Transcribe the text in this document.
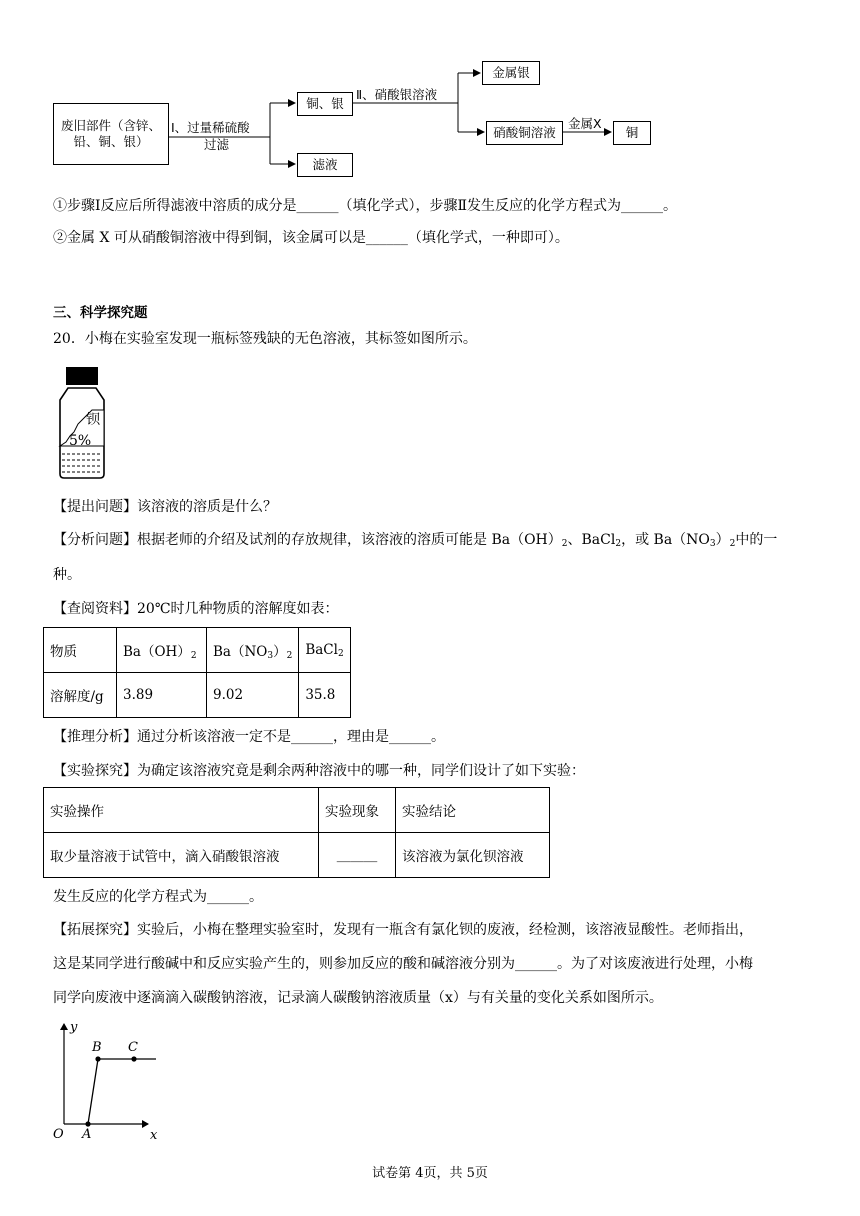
废旧部件（含锌、铅、铜、银）
Ⅰ、过量稀硫酸
过滤
铜、银
滤液
Ⅱ、硝酸银溶液
金属银
硝酸铜溶液
金属X
铜
①步骤Ⅰ反应后所得滤液中溶质的成分是______（填化学式），步骤Ⅱ发生反应的化学方程式为______。
②金属 X 可从硝酸铜溶液中得到铜，该金属可以是______（填化学式，一种即可）。
三、科学探究题
20．小梅在实验室发现一瓶标签残缺的无色溶液，其标签如图所示。
钡
5%
【提出问题】该溶液的溶质是什么？
【分析问题】根据老师的介绍及试剂的存放规律，该溶液的溶质可能是 $Ba(OH)_2$、BaCl$_2$，或 $Ba(NO_3)_2$中的一
种。
【查阅资料】20℃时几种物质的溶解度如表：
物质	$Ba(OH)_2$	$Ba(NO_3)_2$	BaCl$_2$
溶解度/g	3.89	9.02	35.8
【推理分析】通过分析该溶液一定不是______，理由是______。
【实验探究】为确定该溶液究竟是剩余两种溶液中的哪一种，同学们设计了如下实验：
实验操作	实验现象	实验结论
取少量溶液于试管中，滴入硝酸银溶液	______	该溶液为氯化钡溶液
发生反应的化学方程式为______。
【拓展探究】实验后，小梅在整理实验室时，发现有一瓶含有氯化钡的废液，经检测，该溶液显酸性。老师指出，
这是某同学进行酸碱中和反应实验产生的，则参加反应的酸和碱溶液分别为______。为了对该废液进行处理，小梅
同学向废液中逐滴滴入碳酸钠溶液，记录滴人碳酸钠溶液质量（x）与有关量的变化关系如图所示。
y
x
O A
B C
试卷第 4页，共 5页
